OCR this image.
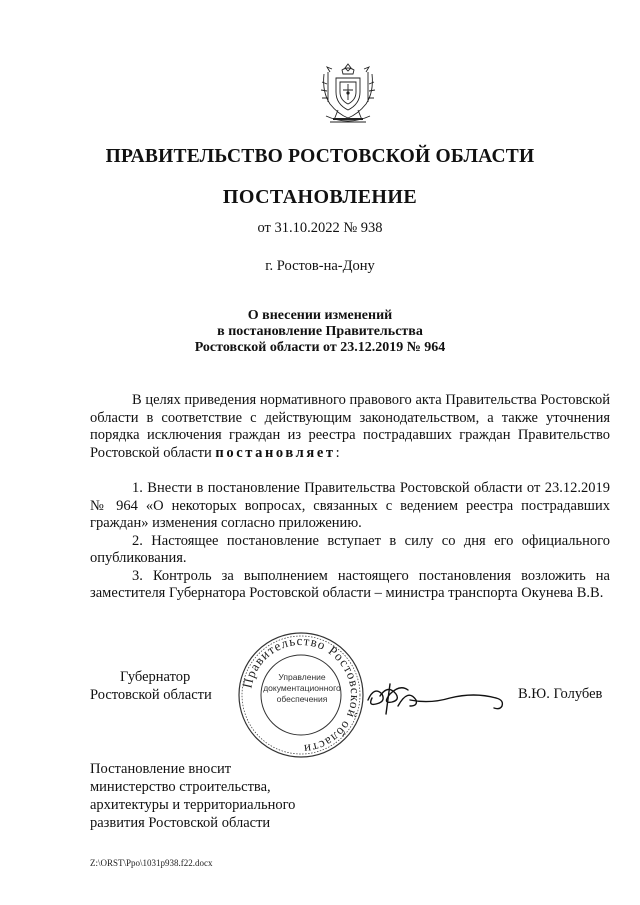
ПРАВИТЕЛЬСТВО РОСТОВСКОЙ ОБЛАСТИ
ПОСТАНОВЛЕНИЕ
от 31.10.2022 № 938
г. Ростов-на-Дону
О внесении изменений
в постановление Правительства
Ростовской области от 23.12.2019 № 964

В целях приведения нормативного правового акта Правительства Ростовской области в соответствие с действующим законодательством, а также уточнения порядка исключения граждан из реестра пострадавших граждан Правительство Ростовской области постановляет:

1. Внести в постановление Правительства Ростовской области от 23.12.2019 № 964 «О некоторых вопросах, связанных с ведением реестра пострадавших граждан» изменения согласно приложению.

2. Настоящее постановление вступает в силу со дня его официального опубликования.

3. Контроль за выполнением настоящего постановления возложить на заместителя Губернатора Ростовской области – министра транспорта Окунева В.В.

Губернатор
Ростовской области
Правительство Ростовской области
Управление
документационного
обеспечения	В.Ю. Голубев
Постановление вносит
министерство строительства,
архитектуры и территориального
развития Ростовской области
Z:\ORST\Ppo\1031p938.f22.docx
